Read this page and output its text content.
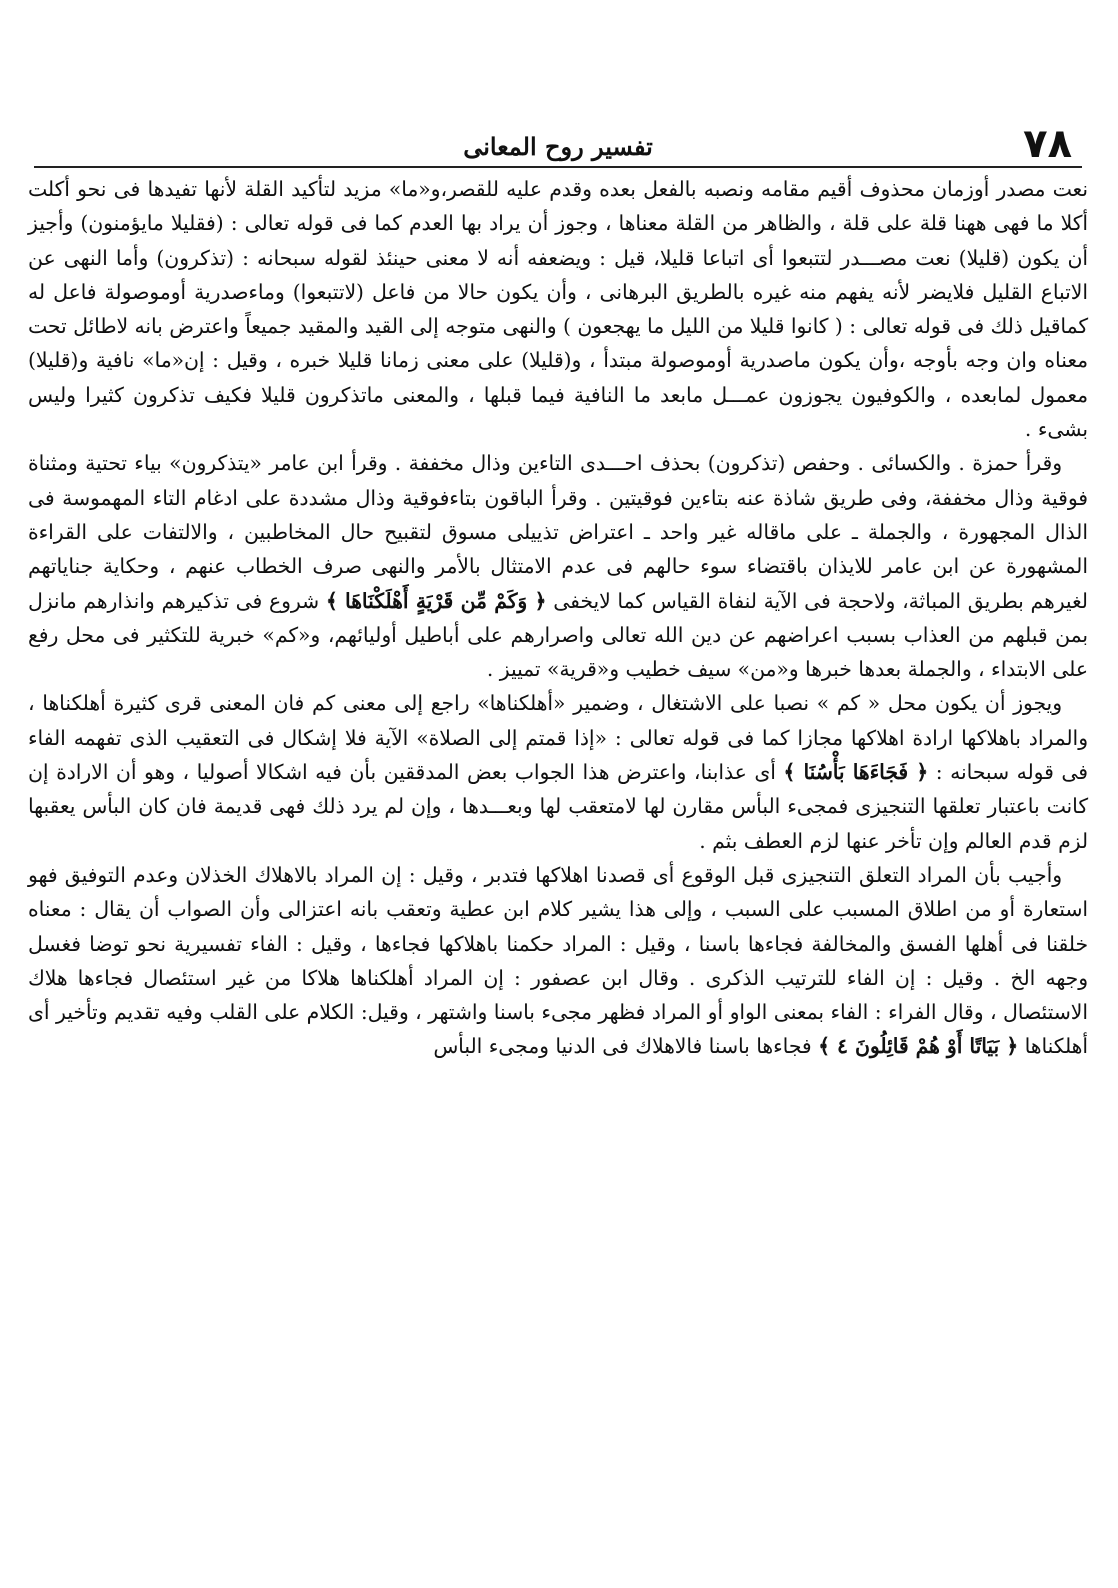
٧٨
تفسير روح المعانى

نعت مصدر أوزمان محذوف أقيم مقامه ونصبه بالفعل بعده وقدم عليه للقصر،و«ما» مزيد لتأكيد القلة لأنها تفيدها فى نحو أكلت أكلا ما فهى ههنا قلة على قلة ، والظاهر من القلة معناها ، وجوز أن يراد بها العدم كما فى قوله تعالى : (فقليلا مايؤمنون) وأجيز أن يكون (قليلا) نعت مصـــدر لتتبعوا أى اتباعا قليلا، قيل : ويضعفه أنه لا معنى حينئذ لقوله سبحانه : (تذكرون) وأما النهى عن الاتباع القليل فلايضر لأنه يفهم منه غيره بالطريق البرهانى ، وأن يكون حالا من فاعل (لاتتبعوا) وماءصدرية أوموصولة فاعل له كماقيل ذلك فى قوله تعالى : ( كانوا قليلا من الليل ما يهجعون ) والنهى متوجه إلى القيد والمقيد جميعاً واعترض بانه لاطائل تحت معناه وان وجه بأوجه ،وأن يكون ماصدرية أوموصولة مبتدأ ، و(قليلا) على معنى زمانا قليلا خبره ، وقيل : إن«ما» نافية و(قليلا) معمول لمابعده ، والكوفيون يجوزون عمـــل مابعد ما النافية فيما قبلها ، والمعنى ماتذكرون قليلا فكيف تذكرون كثيرا وليس بشىء .

وقرأ حمزة . والكسائى . وحفص (تذكرون) بحذف احـــدى التاءين وذال مخففة . وقرأ ابن عامر «يتذكرون» بياء تحتية ومثناة فوقية وذال مخففة، وفى طريق شاذة عنه بتاءين فوقيتين . وقرأ الباقون بتاءفوقية وذال مشددة على ادغام التاء المهموسة فى الذال المجهورة ، والجملة ـ على ماقاله غير واحد ـ اعتراض تذييلى مسوق لتقبيح حال المخاطبين ، والالتفات على القراءة المشهورة عن ابن عامر للايذان باقتضاء سوء حالهم فى عدم الامتثال بالأمر والنهى صرف الخطاب عنهم ، وحكاية جناياتهم لغيرهم بطريق المباثة، ولاحجة فى الآية لنفاة القياس كما لايخفى ﴿ وَكَمْ مِّن قَرْيَةٍ أَهْلَكْنَاهَا ﴾ شروع فى تذكيرهم وانذارهم مانزل بمن قبلهم من العذاب بسبب اعراضهم عن دين الله تعالى واصرارهم على أباطيل أوليائهم، و«كم» خبرية للتكثير فى محل رفع على الابتداء ، والجملة بعدها خبرها و«من» سيف خطيب و«قرية» تمييز .

ويجوز أن يكون محل « كم » نصبا على الاشتغال ، وضمير «أهلكناها» راجع إلى معنى كم فان المعنى قرى كثيرة أهلكناها ، والمراد باهلاكها ارادة اهلاكها مجازا كما فى قوله تعالى : «إذا قمتم إلى الصلاة» الآية فلا إشكال فى التعقيب الذى تفهمه الفاء فى قوله سبحانه : ﴿ فَجَاءَهَا بَأْسُنَا ﴾ أى عذابنا، واعترض هذا الجواب بعض المدققين بأن فيه اشكالا أصوليا ، وهو أن الارادة إن كانت باعتبار تعلقها التنجيزى فمجىء البأس مقارن لها لامتعقب لها وبعـــدها ، وإن لم يرد ذلك فهى قديمة فان كان البأس يعقبها لزم قدم العالم وإن تأخر عنها لزم العطف بثم .

وأجيب بأن المراد التعلق التنجيزى قبل الوقوع أى قصدنا اهلاكها فتدبر ، وقيل : إن المراد بالاهلاك الخذلان وعدم التوفيق فهو استعارة أو من اطلاق المسبب على السبب ، وإلى هذا يشير كلام ابن عطية وتعقب بانه اعتزالى وأن الصواب أن يقال : معناه خلقنا فى أهلها الفسق والمخالفة فجاءها باسنا ، وقيل : المراد حكمنا باهلاكها فجاءها ، وقيل : الفاء تفسيرية نحو توضا فغسل وجهه الخ . وقيل : إن الفاء للترتيب الذكرى . وقال ابن عصفور : إن المراد أهلكناها هلاكا من غير استئصال فجاءها هلاك الاستئصال ، وقال الفراء : الفاء بمعنى الواو أو المراد فظهر مجىء باسنا واشتهر ، وقيل: الكلام على القلب وفيه تقديم وتأخير أى أهلكناها ﴿ بَيَاتًا أَوْ هُمْ قَائِلُونَ ٤ ﴾ فجاءها باسنا فالاهلاك فى الدنيا ومجىء البأس
